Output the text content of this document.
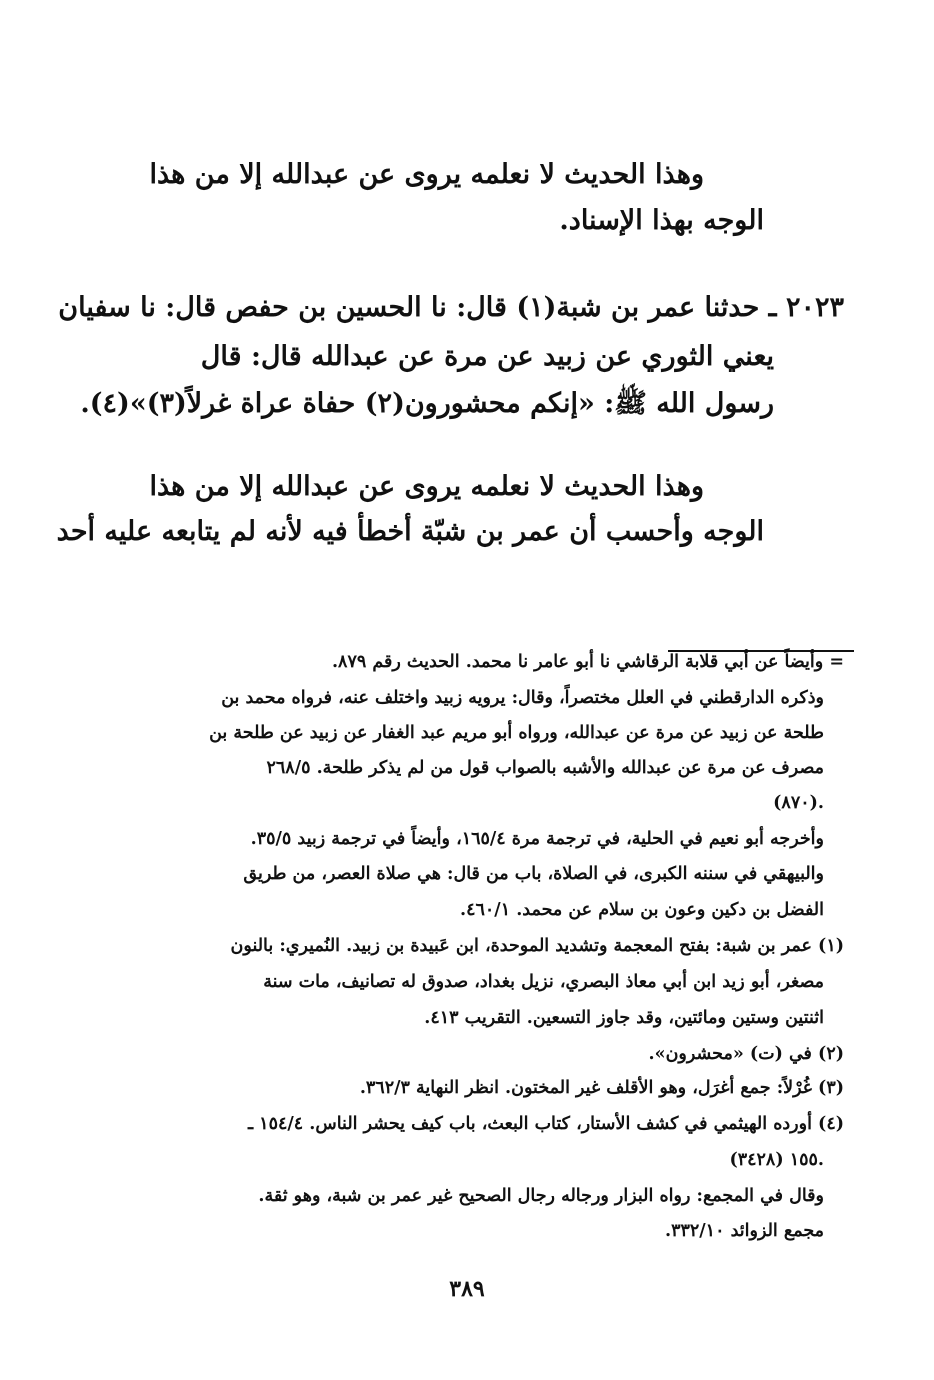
وهذا الحديث لا نعلمه يروى عن عبدالله إلا من هذا
الوجه بهذا الإسناد.
٢٠٢٣ ـ حدثنا عمر بن شبة(١) قال: نا الحسين بن حفص قال: نا سفيان
يعني الثوري عن زبيد عن مرة عن عبدالله قال: قال
رسول الله ﷺ: «إنكم محشورون(٢) حفاة عراة غرلاً(٣)»(٤).
وهذا الحديث لا نعلمه يروى عن عبدالله إلا من هذا
الوجه وأحسب أن عمر بن شبّة أخطأ فيه لأنه لم يتابعه عليه أحد
= وأيضاً عن أبي قلابة الرقاشي نا أبو عامر نا محمد. الحديث رقم ٨٧٩.
وذكره الدارقطني في العلل مختصراً، وقال: يرويه زبيد واختلف عنه، فرواه محمد بن
طلحة عن زبيد عن مرة عن عبدالله، ورواه أبو مريم عبد الغفار عن زبيد عن طلحة بن
مصرف عن مرة عن عبدالله والأشبه بالصواب قول من لم يذكر طلحة. ٢٦٨/٥
(٨٧٠).
وأخرجه أبو نعيم في الحلية، في ترجمة مرة ١٦٥/٤، وأيضاً في ترجمة زبيد ٣٥/٥.
والبيهقي في سننه الكبرى، في الصلاة، باب من قال: هي صلاة العصر، من طريق
الفضل بن دكين وعون بن سلام عن محمد. ٤٦٠/١.
(١) عمر بن شبة: بفتح المعجمة وتشديد الموحدة، ابن عَبيدة بن زبيد. النُميري: بالنون
مصغر، أبو زيد ابن أبي معاذ البصري، نزيل بغداد، صدوق له تصانيف، مات سنة
اثنتين وستين ومائتين، وقد جاوز التسعين. التقريب ٤١٣.
(٢) في (ت) «محشرون».
(٣) غُرْلاً: جمع أغرَل، وهو الأقلف غير المختون. انظر النهاية ٣٦٢/٣.
(٤) أورده الهيثمي في كشف الأستار، كتاب البعث، باب كيف يحشر الناس. ١٥٤/٤ ـ
١٥٥ (٣٤٢٨).
وقال في المجمع: رواه البزار ورجاله رجال الصحيح غير عمر بن شبة، وهو ثقة.
مجمع الزوائد ٣٣٢/١٠.
٣٨٩
